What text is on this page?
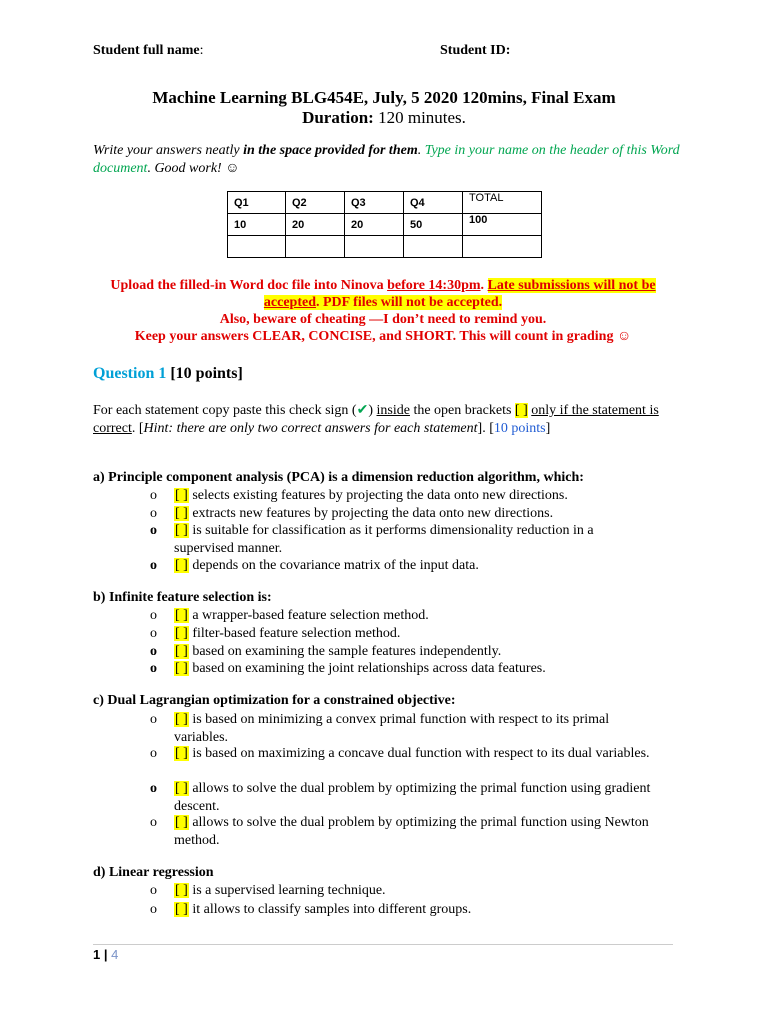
Student full name:	Student ID:
Machine Learning BLG454E, July, 5 2020 120mins, Final Exam
Duration: 120 minutes.
Write your answers neatly in the space provided for them. Type in your name on the header of this Word document. Good work! ☺
Q1	Q2	Q3	Q4	TOTAL
10	20	20	50	100

Upload the filled-in Word doc file into Ninova before 14:30pm. Late submissions will not be accepted. PDF files will not be accepted.
Also, beware of cheating —I don’t need to remind you.
Keep your answers CLEAR, CONCISE, and SHORT. This will count in grading ☺
Question 1 [10 points]
For each statement copy paste this check sign (✔) inside the open brackets [ ] only if the statement is correct. [Hint: there are only two correct answers for each statement]. [10 points]
a) Principle component analysis (PCA) is a dimension reduction algorithm, which:
o	[ ] selects existing features by projecting the data onto new directions.
o	[ ] extracts new features by projecting the data onto new directions.
o	[ ] is suitable for classification as it performs dimensionality reduction in a supervised manner.
o	[ ] depends on the covariance matrix of the input data.
b) Infinite feature selection is:
o	[ ] a wrapper-based feature selection method.
o	[ ] filter-based feature selection method.
o	[ ] based on examining the sample features independently.
o	[ ] based on examining the joint relationships across data features.
c) Dual Lagrangian optimization for a constrained objective:
o	[ ] is based on minimizing a convex primal function with respect to its primal variables.
o	[ ] is based on maximizing a concave dual function with respect to its dual variables.
o	[ ] allows to solve the dual problem by optimizing the primal function using gradient descent.
o	[ ] allows to solve the dual problem by optimizing the primal function using Newton method.
d) Linear regression
o	[ ] is a supervised learning technique.
o	[ ] it allows to classify samples into different groups.
1 | 4
